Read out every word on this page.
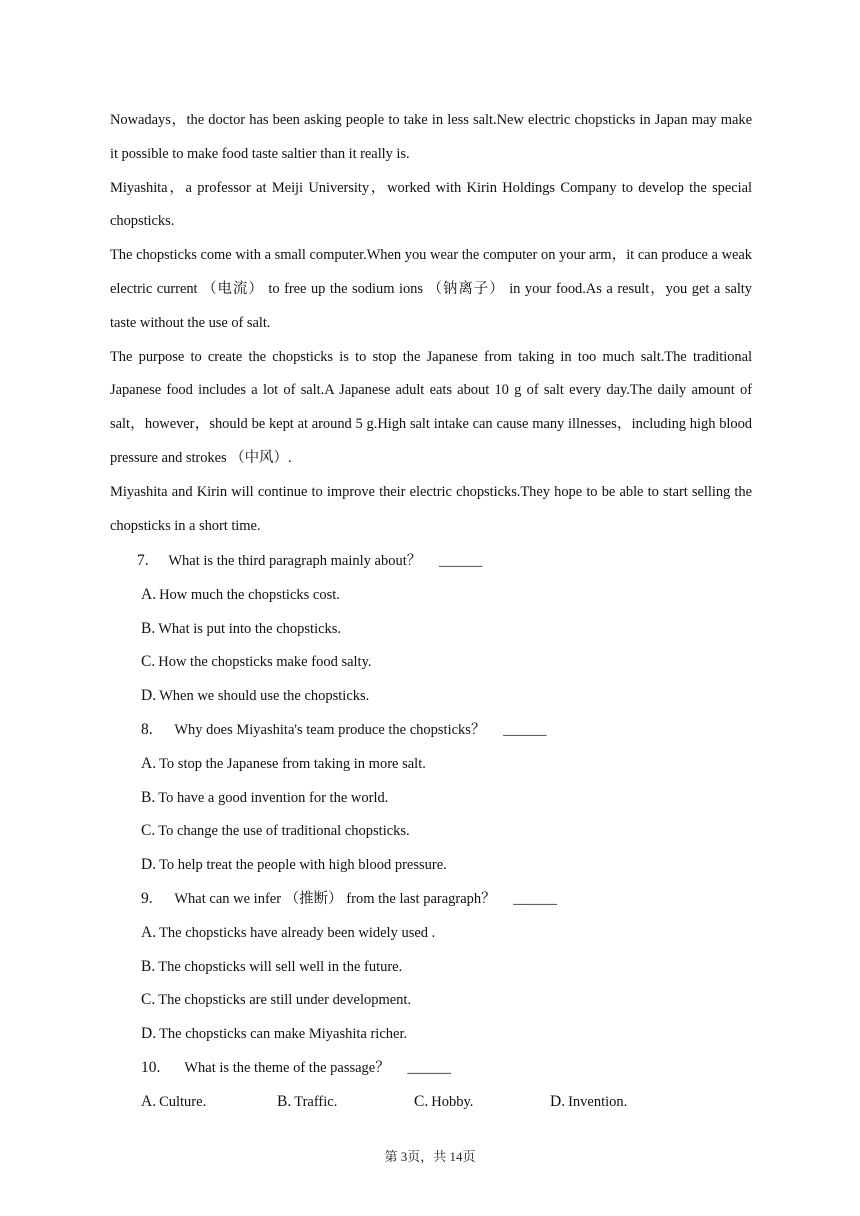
Nowadays，the doctor has been asking people to take in less salt.New electric chopsticks in Japan may make it possible to make food taste saltier than it really is.

Miyashita，a professor at Meiji University，worked with Kirin Holdings Company to develop the special chopsticks.

The chopsticks come with a small computer.When you wear the computer on your arm，it can produce a weak electric current （电流） to free up the sodium ions （钠离子） in your food.As a result，you get a salty taste without the use of salt.

The purpose to create the chopsticks is to stop the Japanese from taking in too much salt.The traditional Japanese food includes a lot of salt.A Japanese adult eats about 10 g of salt every day.The daily amount of salt，however，should be kept at around 5 g.High salt intake can cause many illnesses，including high blood pressure and strokes （中风）.

Miyashita and Kirin will continue to improve their electric chopsticks.They hope to be able to start selling the chopsticks in a short time.

7. What is the third paragraph mainly about？ ______

A. How much the chopsticks cost.

B. What is put into the chopsticks.

C. How the chopsticks make food salty.

D. When we should use the chopsticks.

8. Why does Miyashita's team produce the chopsticks？ ______

A. To stop the Japanese from taking in more salt.

B. To have a good invention for the world.

C. To change the use of traditional chopsticks.

D. To help treat the people with high blood pressure.

9. What can we infer （推断） from the last paragraph？ ______

A. The chopsticks have already been widely used .

B. The chopsticks will sell well in the future.

C. The chopsticks are still under development.

D. The chopsticks can make Miyashita richer.

10. What is the theme of the passage？ ______

A. Culture.	B. Traffic.	C. Hobby.	D. Invention.
第 3页，共 14页
